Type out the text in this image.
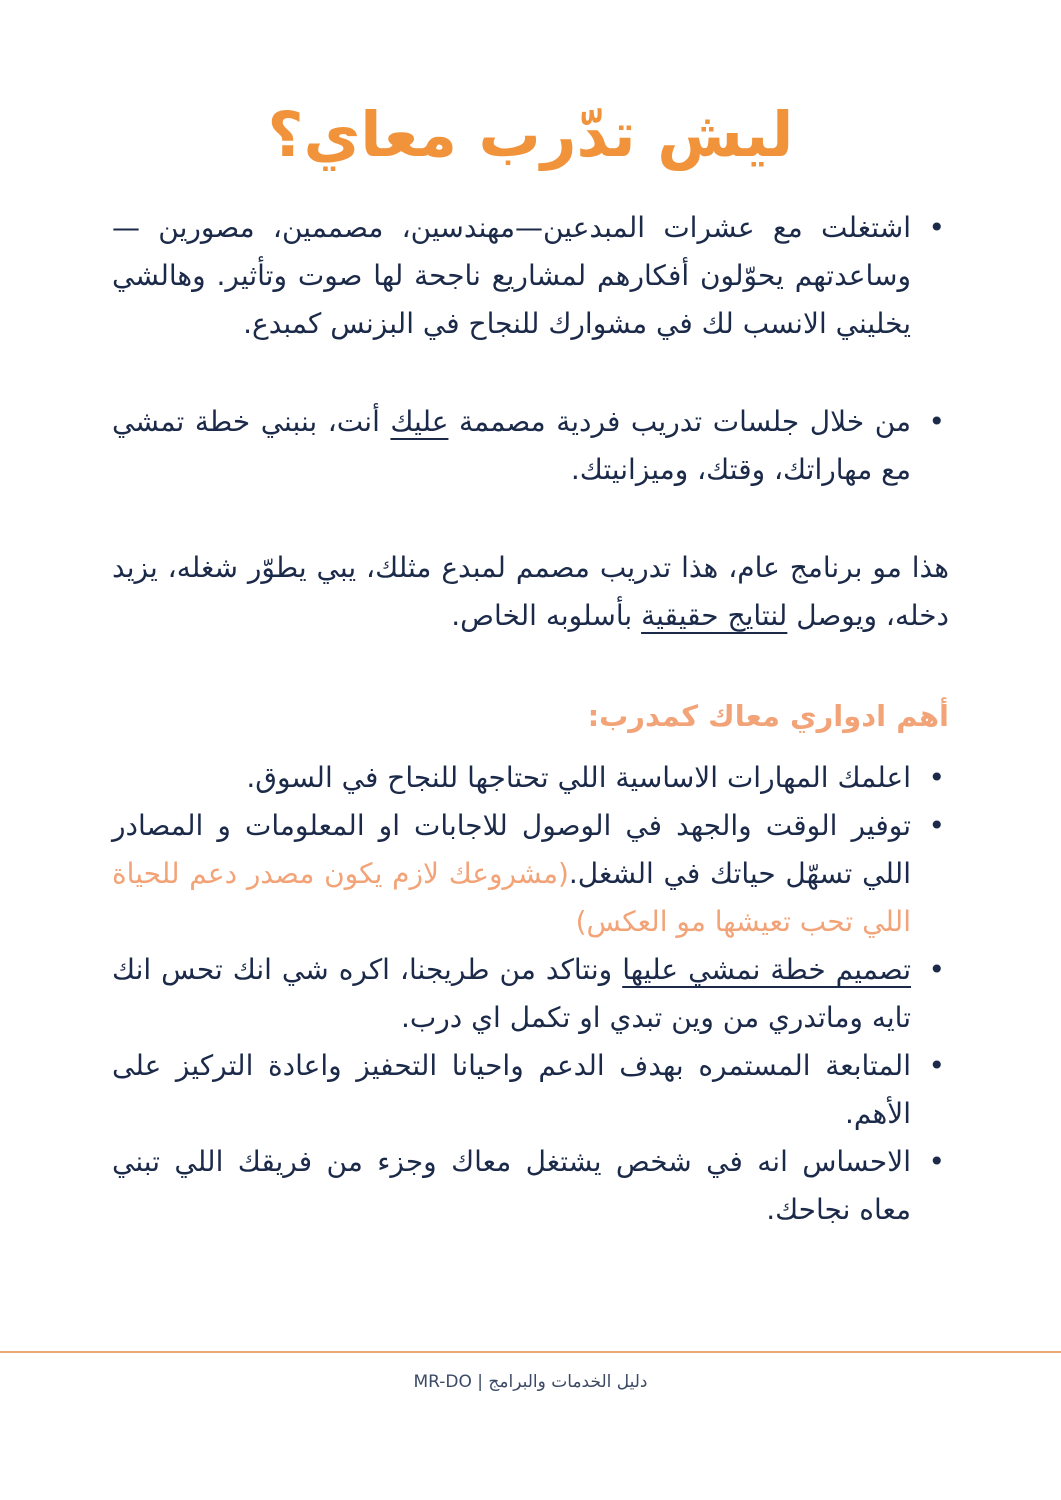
ليش تدّرب معاي؟
•
اشتغلت مع عشرات المبدعين—مهندسين، مصممين، مصورين —وساعدتهم يحوّلون أفكارهم لمشاريع ناجحة لها صوت وتأثير. وهالشي يخليني الانسب لك في مشوارك للنجاح في البزنس كمبدع.
•
من خلال جلسات تدريب فردية مصممة عليك أنت، بنبني خطة تمشي مع مهاراتك، وقتك، وميزانيتك.

هذا مو برنامج عام، هذا تدريب مصمم لمبدع مثلك، يبي يطوّر شغله، يزيد دخله، ويوصل لنتايج حقيقية بأسلوبه الخاص.

أهم ادواري معاك كمدرب:
•
اعلمك المهارات الاساسية اللي تحتاجها للنجاح في السوق.
•
توفير الوقت والجهد في الوصول للاجابات او المعلومات و المصادر اللي تسهّل حياتك في الشغل.(مشروعك لازم يكون مصدر دعم للحياة اللي تحب تعيشها مو العكس)
•
تصميم خطة نمشي عليها ونتاكد من طريجنا، اكره شي انك تحس انك تايه وماتدري من وين تبدي او تكمل اي درب.
•
المتابعة المستمره بهدف الدعم واحيانا التحفيز واعادة التركيز على الأهم.
•
الاحساس انه في شخص يشتغل معاك وجزء من فريقك اللي تبني معاه نجاحك.
دليل الخدمات والبرامج | MR-DO
